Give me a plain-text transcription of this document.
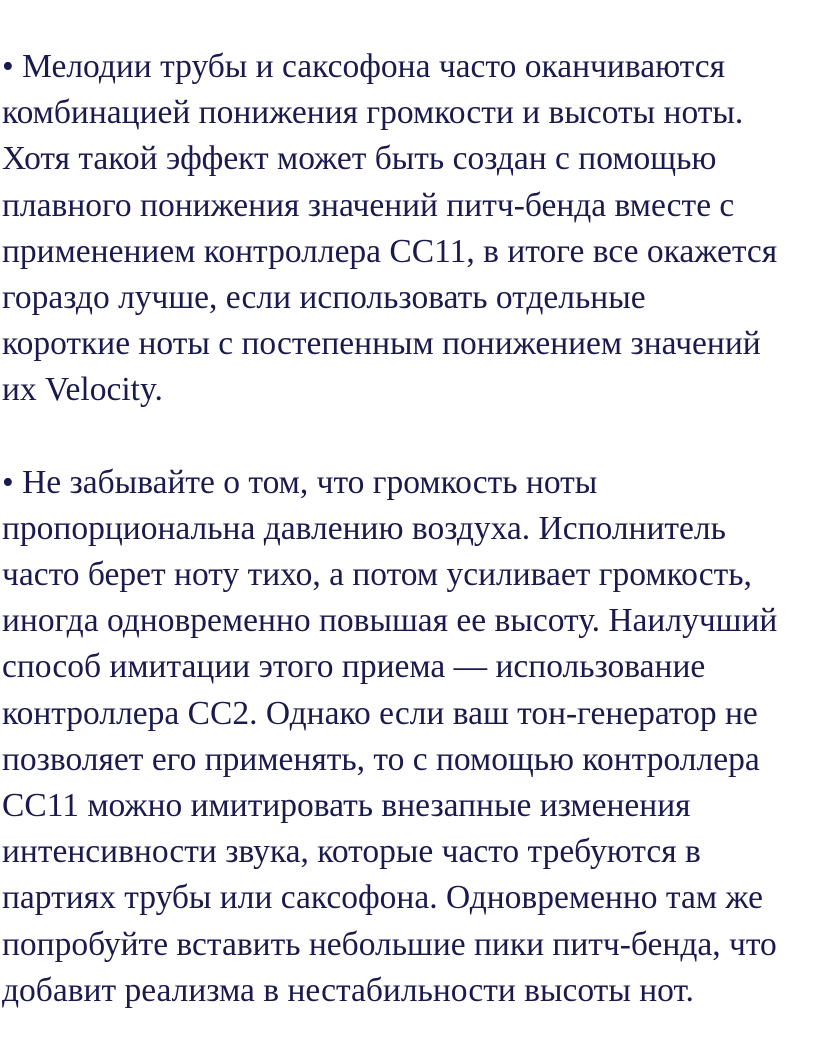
• Мелодии трубы и саксофона часто оканчиваются
комбинацией понижения громкости и высоты ноты.
Хотя такой эффект может быть создан с помощью
плавного понижения значений питч-бенда вместе с
применением контроллера CC11, в итоге все окажется
гораздо лучше, если использовать отдельные
короткие ноты с постепенным понижением значений
их Velocity.
• Не забывайте о том, что громкость ноты
пропорциональна давлению воздуха. Исполнитель
часто берет ноту тихо, а потом усиливает громкость,
иногда одновременно повышая ее высоту. Наилучший
способ имитации этого приема — использование
контроллера CC2. Однако если ваш тон-генератор не
позволяет его применять, то с помощью контроллера
CC11 можно имитировать внезапные изменения
интенсивности звука, которые часто требуются в
партиях трубы или саксофона. Одновременно там же
попробуйте вставить небольшие пики питч-бенда, что
добавит реализма в нестабильности высоты нот.
